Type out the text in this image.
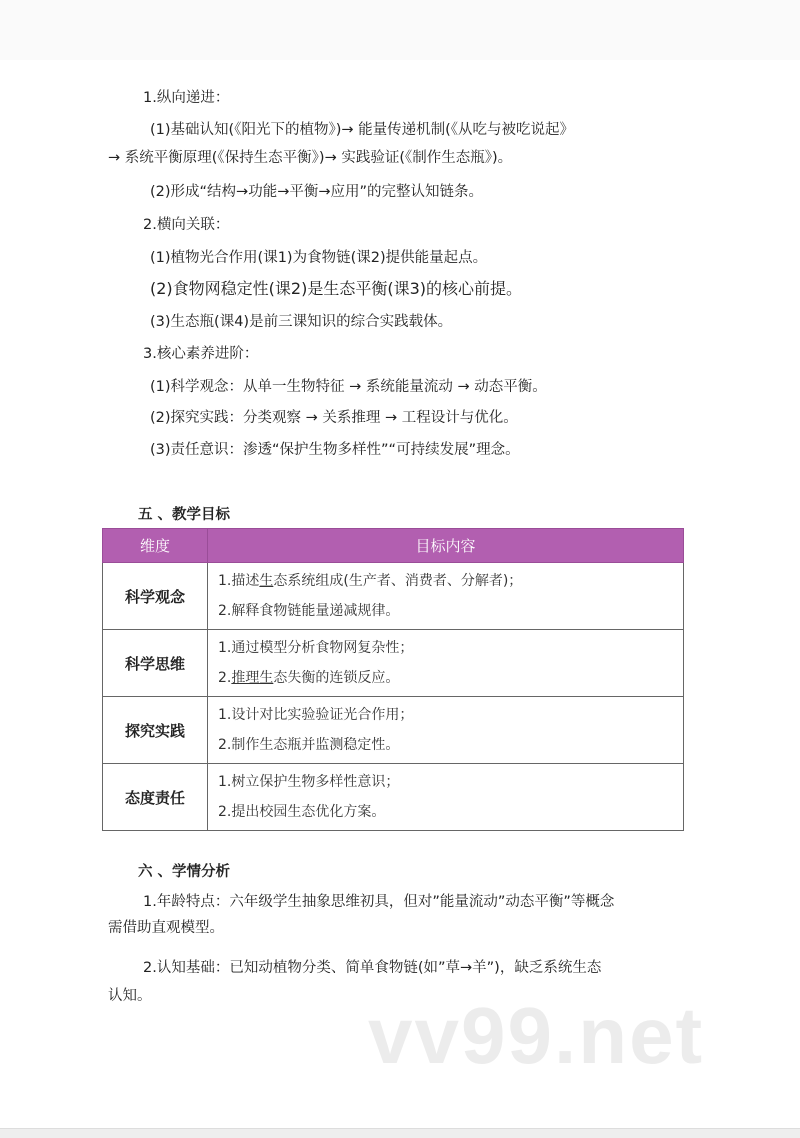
1.纵向递进：
(1)基础认知(《阳光下的植物》)→ 能量传递机制(《从吃与被吃说起》
→ 系统平衡原理(《保持生态平衡》)→ 实践验证(《制作生态瓶》)。
(2)形成“结构→功能→平衡→应用”的完整认知链条。
2.横向关联：
(1)植物光合作用(课1)为食物链(课2)提供能量起点。
(2)食物网稳定性(课2)是生态平衡(课3)的核心前提。
(3)生态瓶(课4)是前三课知识的综合实践载体。
3.核心素养进阶：
(1)科学观念：从单一生物特征 → 系统能量流动 → 动态平衡。
(2)探究实践：分类观察 → 关系推理 → 工程设计与优化。
(3)责任意识：渗透“保护生物多样性”“可持续发展”理念。
五 、教学目标
维度	目标内容
科学观念	1.描述生态系统组成(生产者、消费者、分解者)；
2.解释食物链能量递减规律。

科学思维	1.通过模型分析食物网复杂性；
2.推理生态失衡的连锁反应。

探究实践	1.设计对比实验验证光合作用；
2.制作生态瓶并监测稳定性。

态度责任	1.树立保护生物多样性意识；
2.提出校园生态优化方案。
六 、学情分析
1.年龄特点：六年级学生抽象思维初具，但对”能量流动”动态平衡”等概念
需借助直观模型。
2.认知基础：已知动植物分类、简单食物链(如”草→羊”)，缺乏系统生态
认知。	vv99.net
